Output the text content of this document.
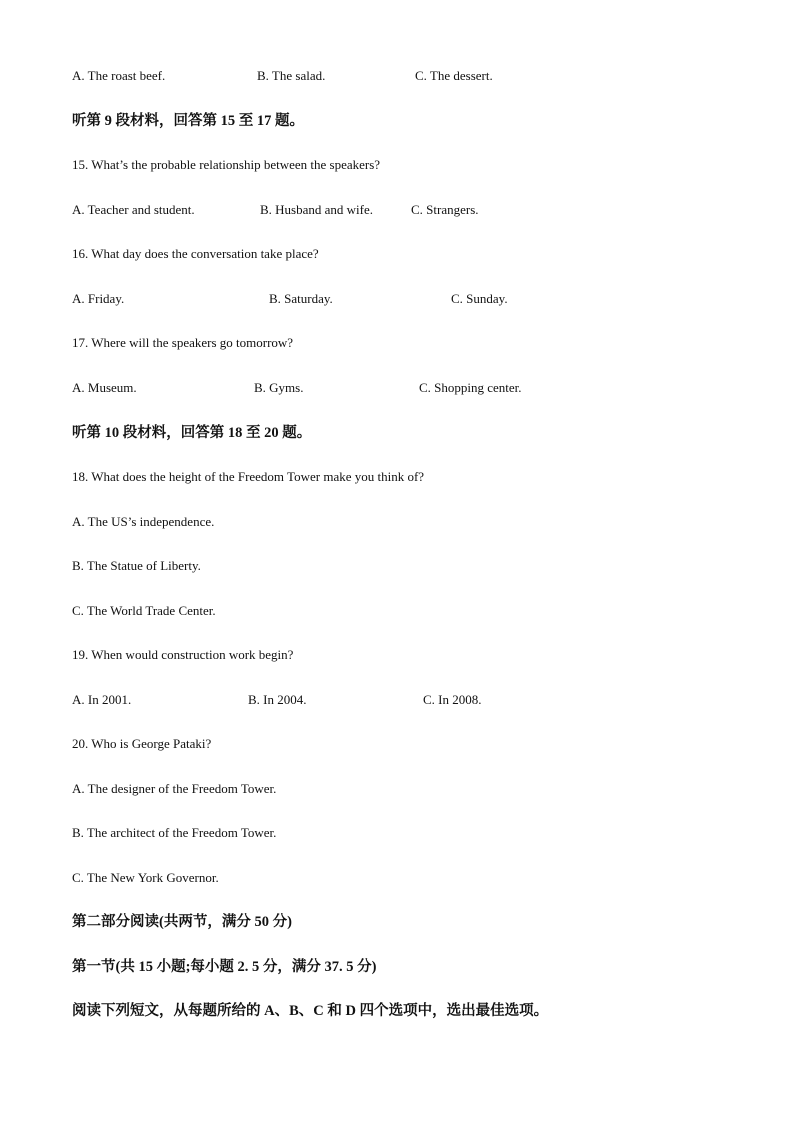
A. The roast beef.	B. The salad.	C. The dessert.
听第 9 段材料，回答第 15 至 17 题。
15. What’s the probable relationship between the speakers?
A. Teacher and student.	B. Husband and wife.	C. Strangers.
16. What day does the conversation take place?
A. Friday.	B. Saturday.	C. Sunday.
17. Where will the speakers go tomorrow?
A. Museum.	B. Gyms.	C. Shopping center.
听第 10 段材料，回答第 18 至 20 题。
18. What does the height of the Freedom Tower make you think of?
A. The US’s independence.
B. The Statue of Liberty.
C. The World Trade Center.
19. When would construction work begin?
A. In 2001.	B. In 2004.	C. In 2008.
20. Who is George Pataki?
A. The designer of the Freedom Tower.
B. The architect of the Freedom Tower.
C. The New York Governor.
第二部分阅读(共两节，满分 50 分)
第一节(共 15 小题;每小题 2. 5 分，满分 37. 5 分)
阅读下列短文，从每题所给的 A、B、C 和 D 四个选项中，选出最佳选项。
